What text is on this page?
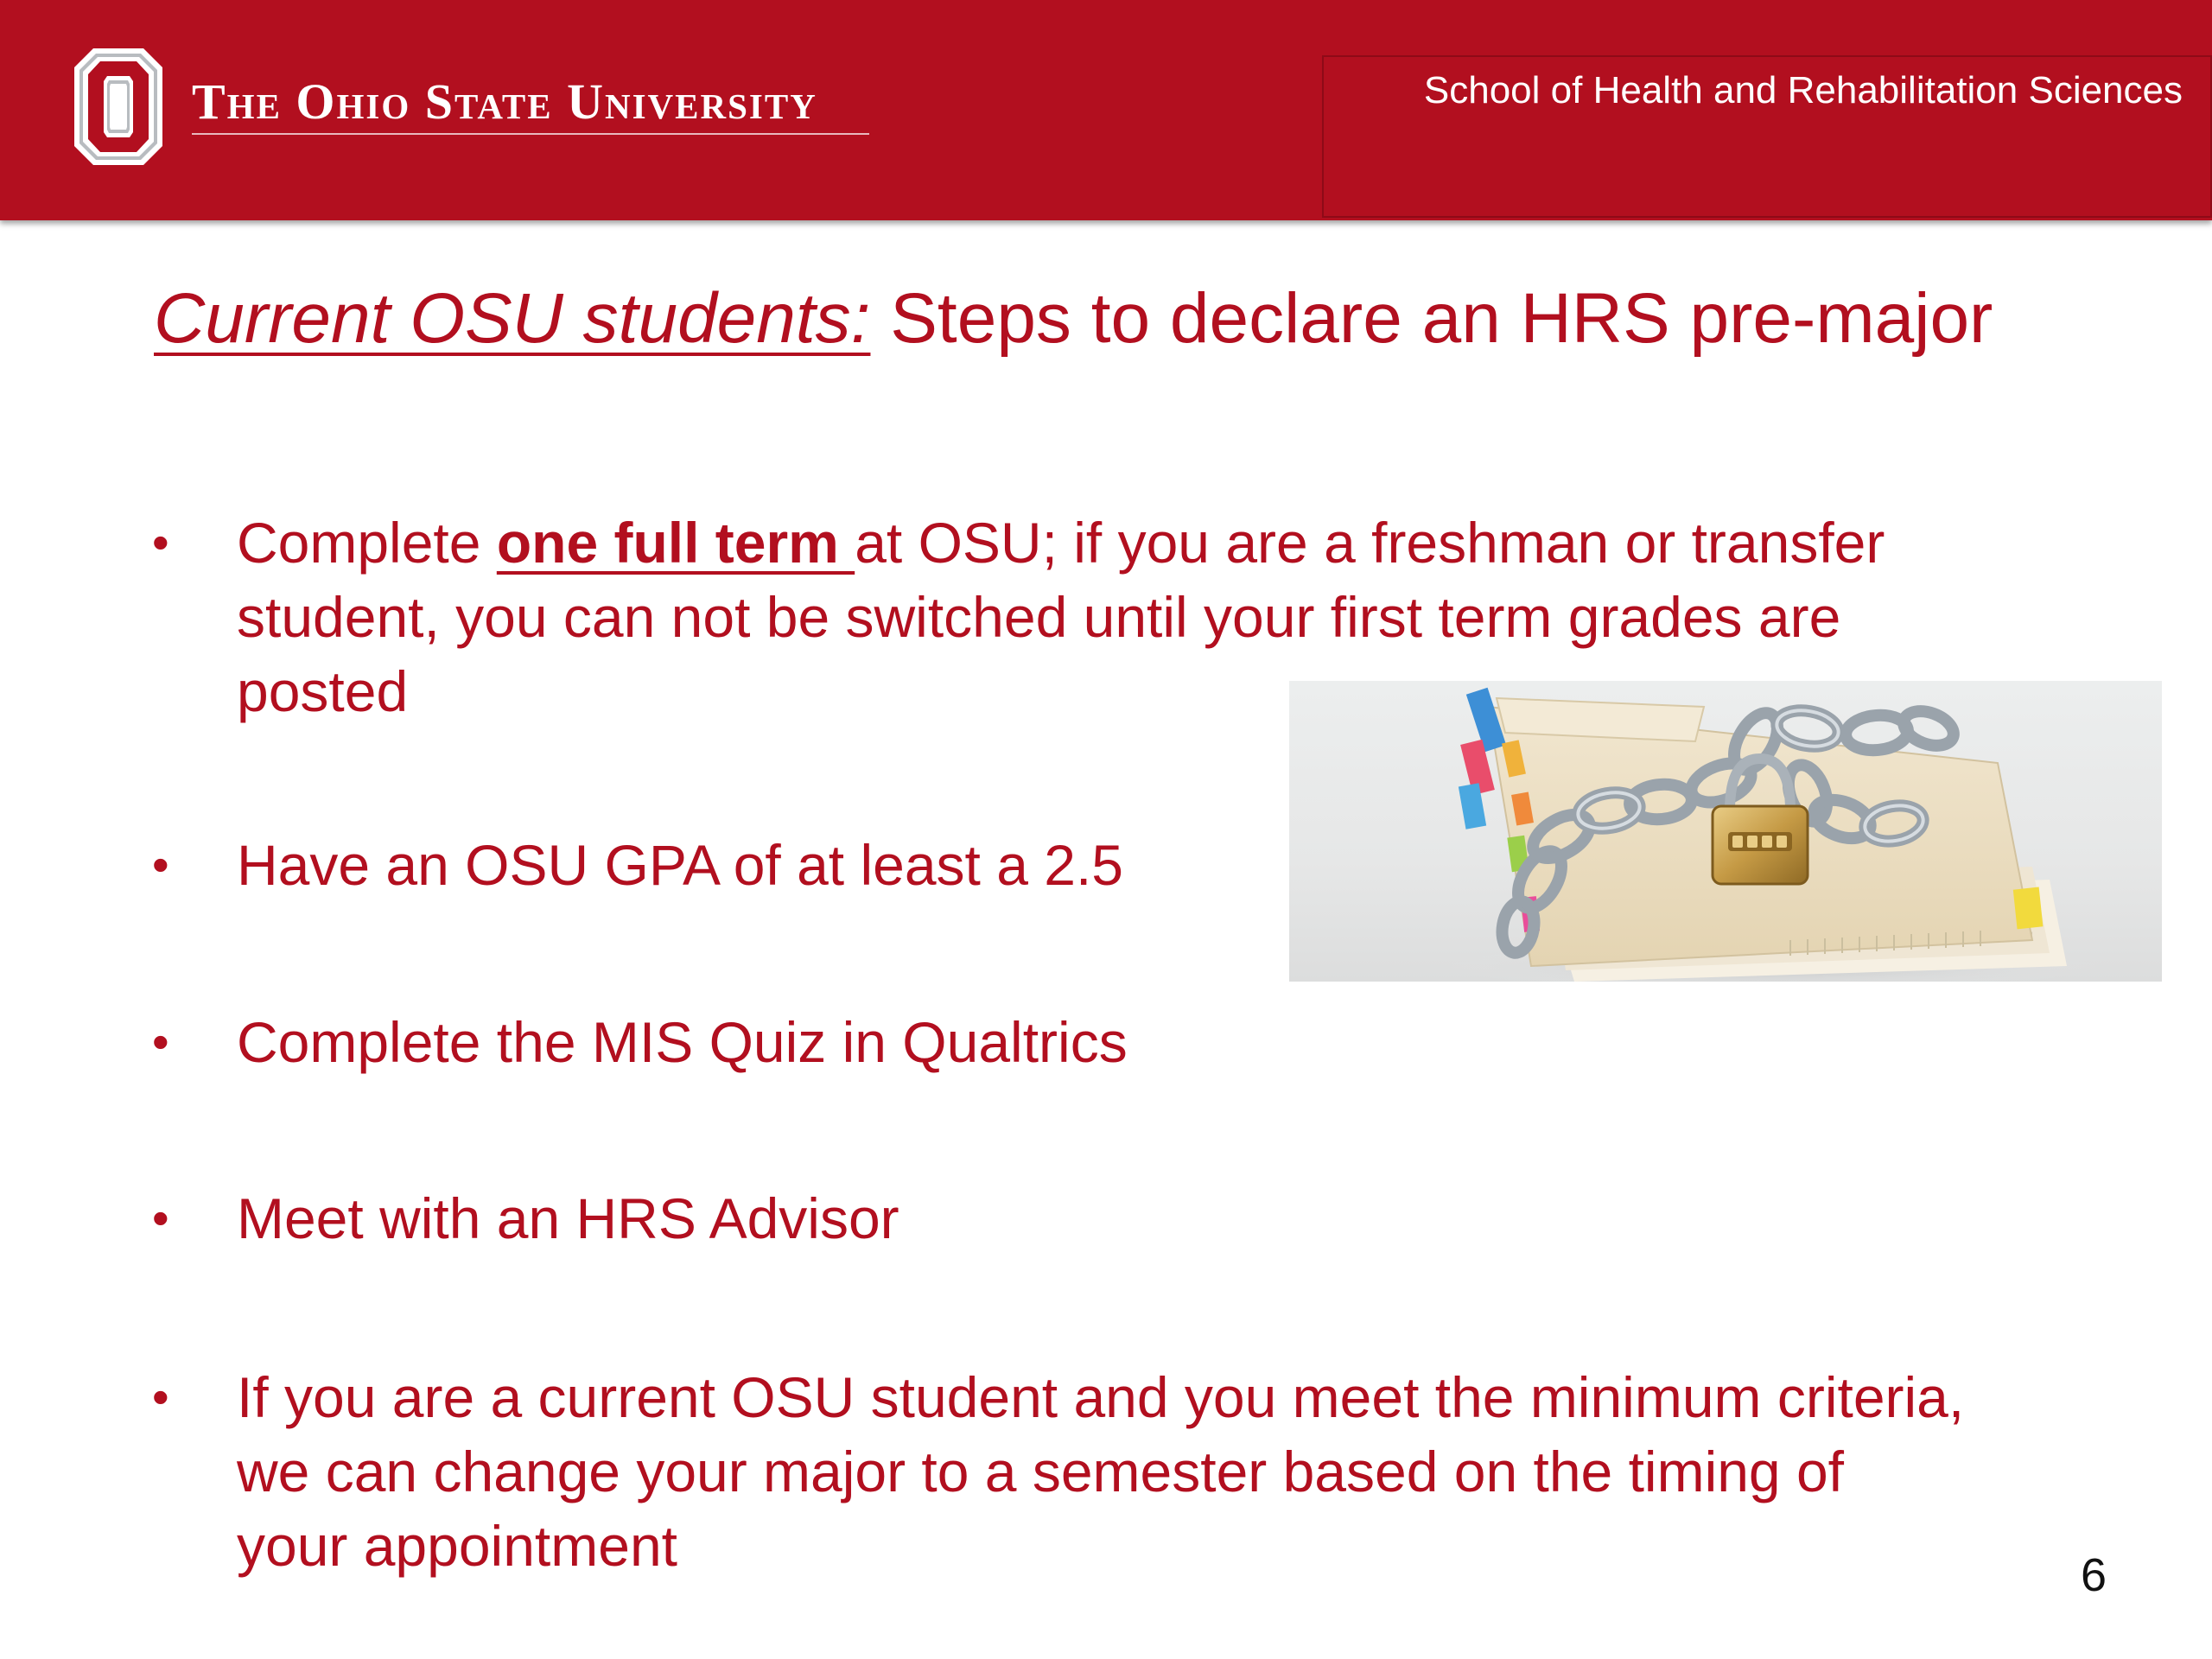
The Ohio State University	School of Health and Rehabilitation Sciences
Current OSU students: Steps to declare an HRS pre-major
•	Complete one full term at OSU; if you are a freshman or transfer
student, you can not be switched until your first term grades are
posted
•	Have an OSU GPA of at least a 2.5
•	Complete the MIS Quiz in Qualtrics
•	Meet with an HRS Advisor
•	If you are a current OSU student and you meet the minimum criteria,
we can change your major to a semester based on the timing of
your appointment	6
